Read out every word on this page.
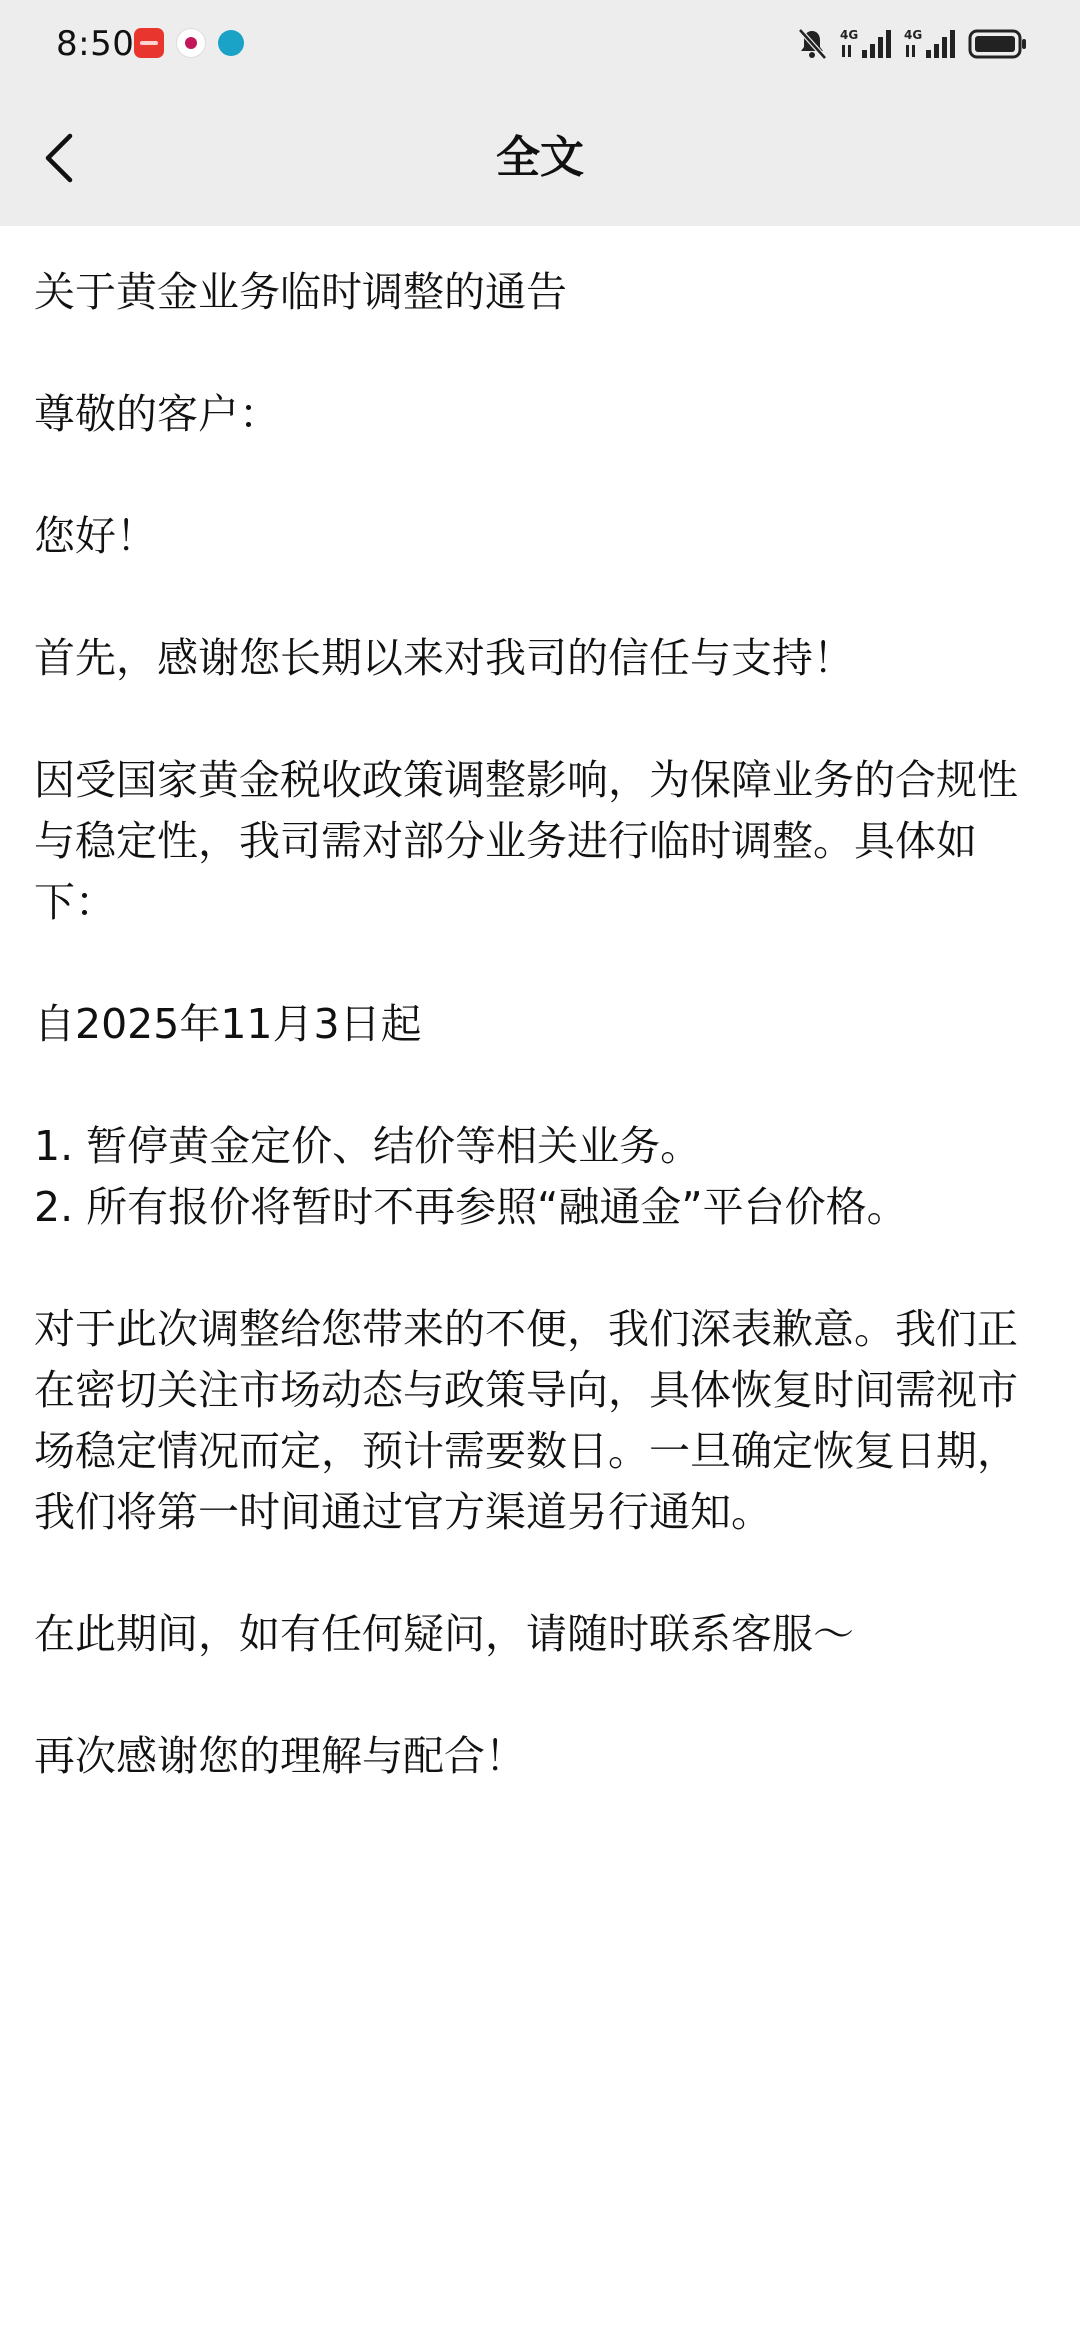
8:50	4G	4G
全文

关于黄金业务临时调整的通告

尊敬的客户：

您好！

首先，感谢您长期以来对我司的信任与支持！

因受国家黄金税收政策调整影响，为保障业务的合规性与稳定性，我司需对部分业务进行临时调整。具体如下：

自2025年11月3日起

1. 暂停黄金定价、结价等相关业务。

2. 所有报价将暂时不再参照“融通金”平台价格。

对于此次调整给您带来的不便，我们深表歉意。我们正在密切关注市场动态与政策导向，具体恢复时间需视市场稳定情况而定，预计需要数日。一旦确定恢复日期，我们将第一时间通过官方渠道另行通知。

在此期间，如有任何疑问，请随时联系客服～

再次感谢您的理解与配合！
